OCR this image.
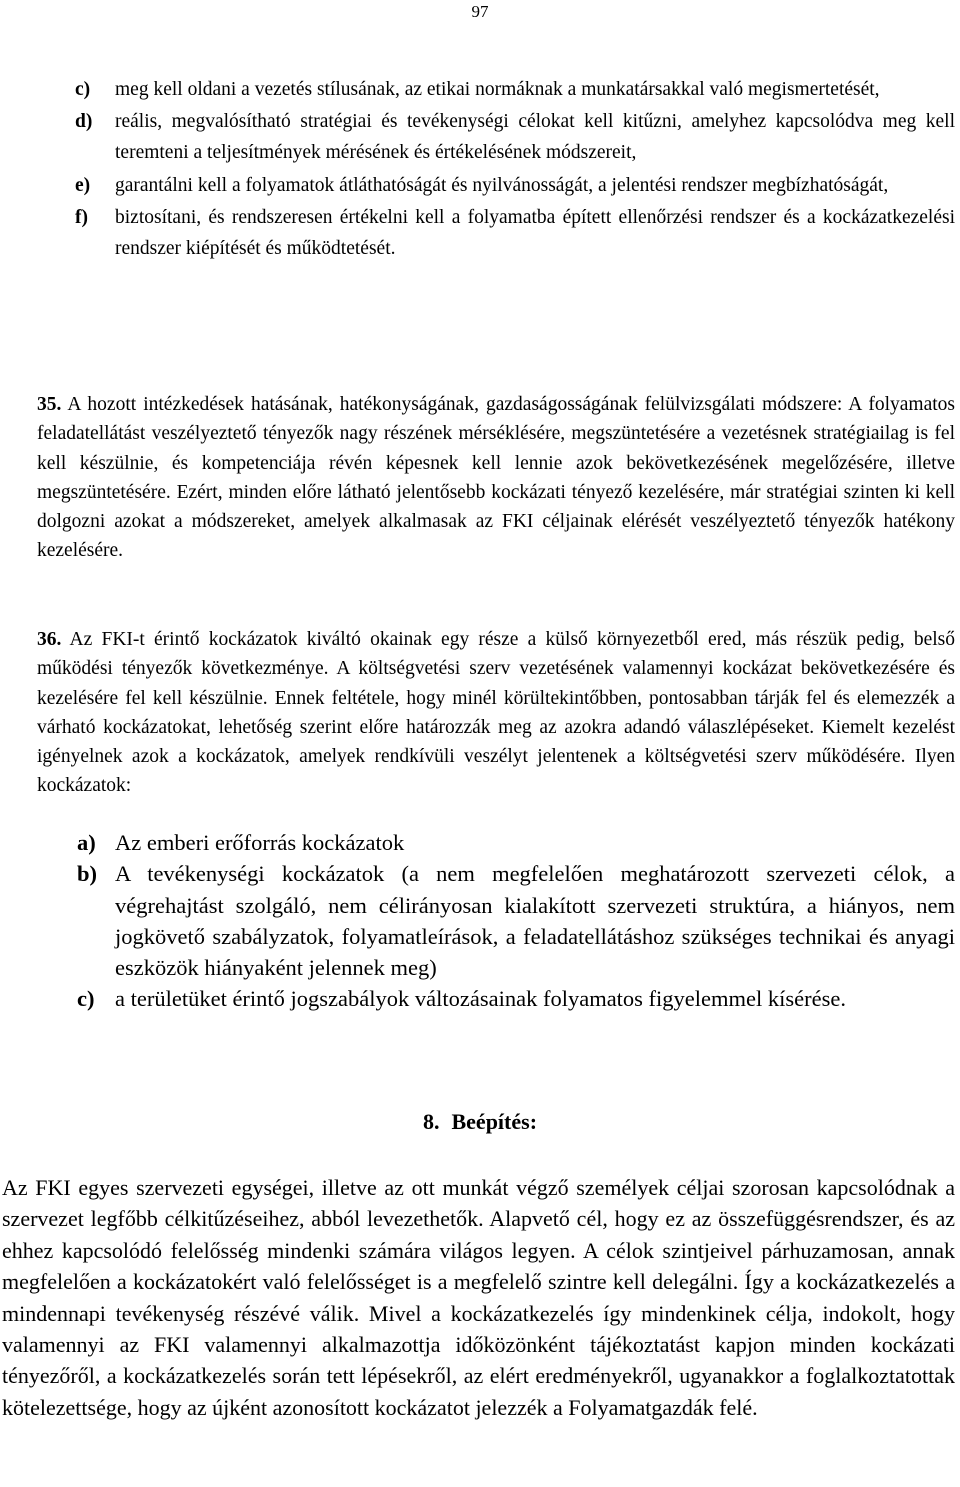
97
c)	meg kell oldani a vezetés stílusának, az etikai normáknak a munkatársakkal való megismertetését,
d)	reális, megvalósítható stratégiai és tevékenységi célokat kell kitűzni, amelyhez kapcsolódva meg kell teremteni a teljesítmények mérésének és értékelésének módszereit,
e)	garantálni kell a folyamatok átláthatóságát és nyilvánosságát, a jelentési rendszer megbízhatóságát,
f)	biztosítani, és rendszeresen értékelni kell a folyamatba épített ellenőrzési rendszer és a kockázatkezelési rendszer kiépítését és működtetését.
35. A hozott intézkedések hatásának, hatékonyságának, gazdaságosságának felülvizsgálati módszere: A folyamatos feladatellátást veszélyeztető tényezők nagy részének mérséklésére, megszüntetésére a vezetésnek stratégiailag is fel kell készülnie, és kompetenciája révén képesnek kell lennie azok bekövetkezésének megelőzésére, illetve megszüntetésére. Ezért, minden előre látható jelentősebb kockázati tényező kezelésére, már stratégiai szinten ki kell dolgozni azokat a módszereket, amelyek alkalmasak az FKI céljainak elérését veszélyeztető tényezők hatékony kezelésére.
36. Az FKI-t érintő kockázatok kiváltó okainak egy része a külső környezetből ered, más részük pedig, belső működési tényezők következménye. A költségvetési szerv vezetésének valamennyi kockázat bekövetkezésére és kezelésére fel kell készülnie. Ennek feltétele, hogy minél körültekintőbben, pontosabban tárják fel és elemezzék a várható kockázatokat, lehetőség szerint előre határozzák meg az azokra adandó válaszlépéseket. Kiemelt kezelést igényelnek azok a kockázatok, amelyek rendkívüli veszélyt jelentenek a költségvetési szerv működésére. Ilyen kockázatok:
a) Az emberi erőforrás kockázatok
b) A tevékenységi kockázatok (a nem megfelelően meghatározott szervezeti célok, a végrehajtást szolgáló, nem célirányosan kialakított szervezeti struktúra, a hiányos, nem jogkövető szabályzatok, folyamatleírások, a feladatellátáshoz szükséges technikai és anyagi eszközök hiányaként jelennek meg)
c) a területüket érintő jogszabályok változásainak folyamatos figyelemmel kísérése.
8. Beépítés:
Az FKI egyes szervezeti egységei, illetve az ott munkát végző személyek céljai szorosan kapcsolódnak a szervezet legfőbb célkitűzéseihez, abból levezethetők. Alapvető cél, hogy ez az összefüggésrendszer, és az ehhez kapcsolódó felelősség mindenki számára világos legyen. A célok szintjeivel párhuzamosan, annak megfelelően a kockázatokért való felelősséget is a megfelelő szintre kell delegálni. Így a kockázatkezelés a mindennapi tevékenység részévé válik. Mivel a kockázatkezelés így mindenkinek célja, indokolt, hogy valamennyi az FKI valamennyi alkalmazottja időközönként tájékoztatást kapjon minden kockázati tényezőről, a kockázatkezelés során tett lépésekről, az elért eredményekről, ugyanakkor a foglalkoztatottak kötelezettsége, hogy az újként azonosított kockázatot jelezzék a Folyamatgazdák felé.
